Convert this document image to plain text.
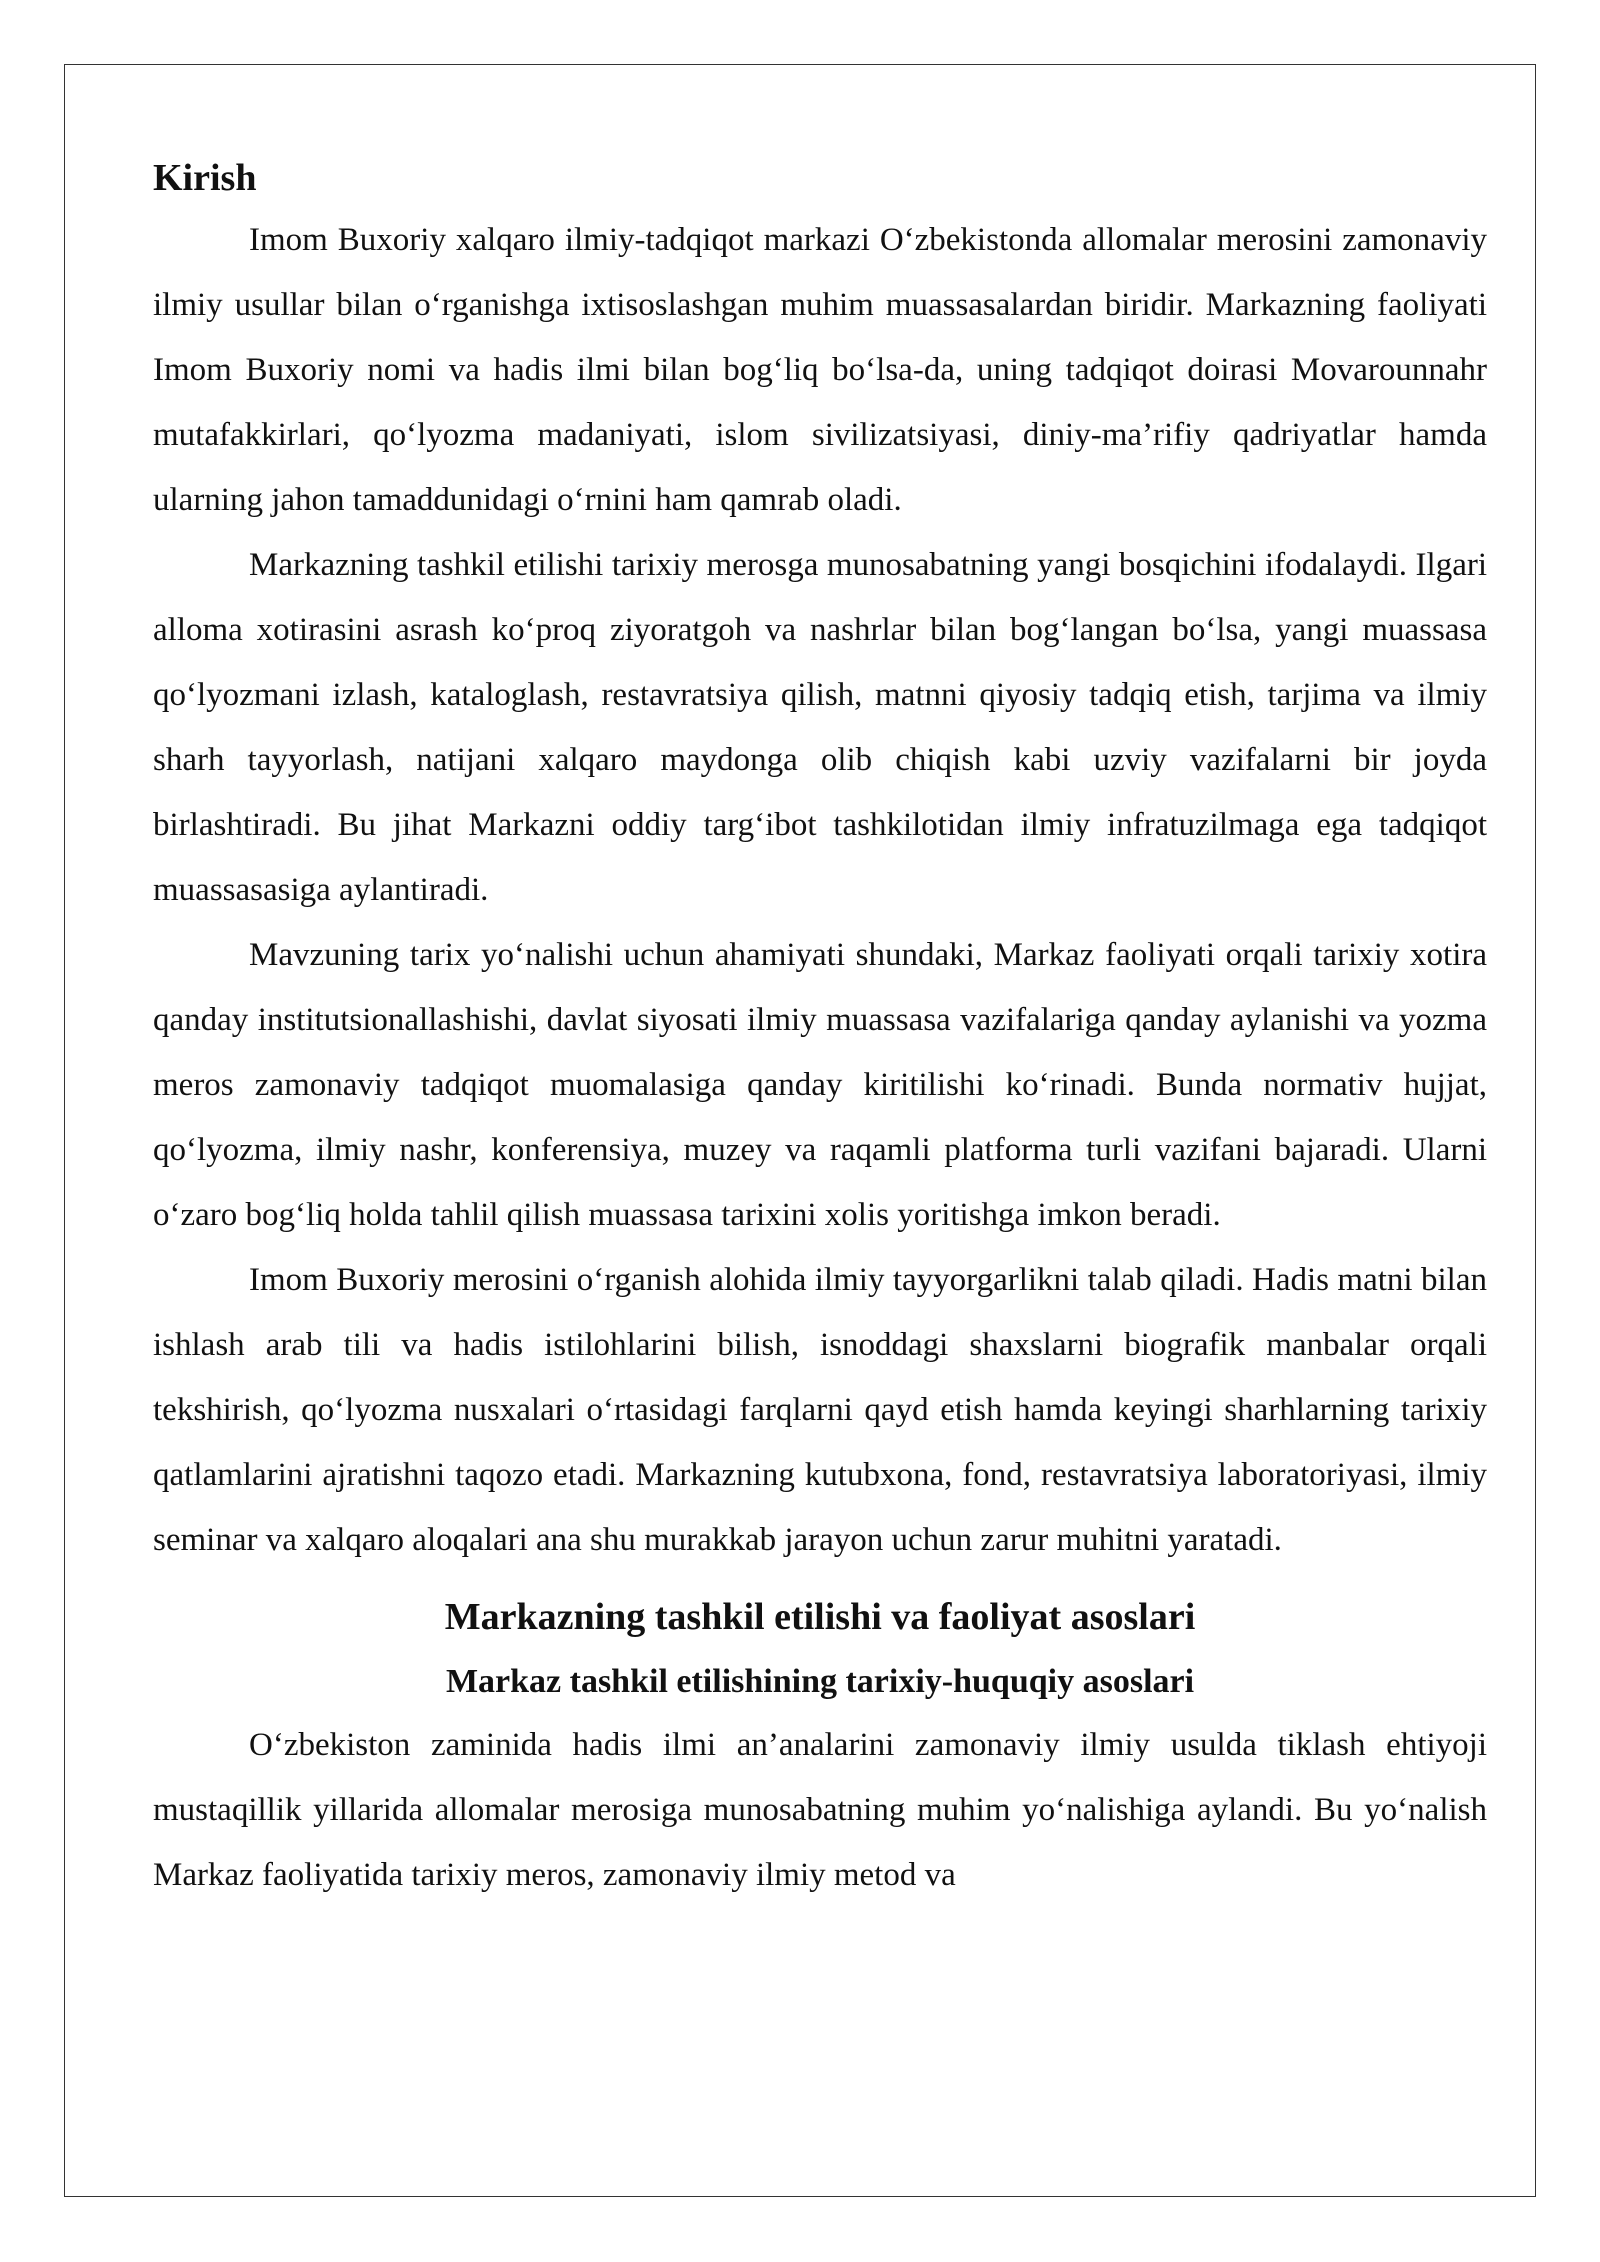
Kirish

Imom Buxoriy xalqaro ilmiy-tadqiqot markazi O‘zbekistonda allomalar merosini zamonaviy ilmiy usullar bilan o‘rganishga ixtisoslashgan muhim muassasalardan biridir. Markazning faoliyati Imom Buxoriy nomi va hadis ilmi bilan bog‘liq bo‘lsa-da, uning tadqiqot doirasi Movarounnahr mutafakkirlari, qo‘lyozma madaniyati, islom sivilizatsiyasi, diniy-ma’rifiy qadriyatlar hamda ularning jahon tamaddunidagi o‘rnini ham qamrab oladi.

Markazning tashkil etilishi tarixiy merosga munosabatning yangi bosqichini ifodalaydi. Ilgari alloma xotirasini asrash ko‘proq ziyoratgoh va nashrlar bilan bog‘langan bo‘lsa, yangi muassasa qo‘lyozmani izlash, kataloglash, restavratsiya qilish, matnni qiyosiy tadqiq etish, tarjima va ilmiy sharh tayyorlash, natijani xalqaro maydonga olib chiqish kabi uzviy vazifalarni bir joyda birlashtiradi. Bu jihat Markazni oddiy targ‘ibot tashkilotidan ilmiy infratuzilmaga ega tadqiqot muassasasiga aylantiradi.

Mavzuning tarix yo‘nalishi uchun ahamiyati shundaki, Markaz faoliyati orqali tarixiy xotira qanday institutsionallashishi, davlat siyosati ilmiy muassasa vazifalariga qanday aylanishi va yozma meros zamonaviy tadqiqot muomalasiga qanday kiritilishi ko‘rinadi. Bunda normativ hujjat, qo‘lyozma, ilmiy nashr, konferensiya, muzey va raqamli platforma turli vazifani bajaradi. Ularni o‘zaro bog‘liq holda tahlil qilish muassasa tarixini xolis yoritishga imkon beradi.

Imom Buxoriy merosini o‘rganish alohida ilmiy tayyorgarlikni talab qiladi. Hadis matni bilan ishlash arab tili va hadis istilohlarini bilish, isnoddagi shaxslarni biografik manbalar orqali tekshirish, qo‘lyozma nusxalari o‘rtasidagi farqlarni qayd etish hamda keyingi sharhlarning tarixiy qatlamlarini ajratishni taqozo etadi. Markazning kutubxona, fond, restavratsiya laboratoriyasi, ilmiy seminar va xalqaro aloqalari ana shu murakkab jarayon uchun zarur muhitni yaratadi.

Markazning tashkil etilishi va faoliyat asoslari
Markaz tashkil etilishining tarixiy-huquqiy asoslari

O‘zbekiston zaminida hadis ilmi an’analarini zamonaviy ilmiy usulda tiklash ehtiyoji mustaqillik yillarida allomalar merosiga munosabatning muhim yo‘nalishiga aylandi. Bu yo‘nalish Markaz faoliyatida tarixiy meros, zamonaviy ilmiy metod va
